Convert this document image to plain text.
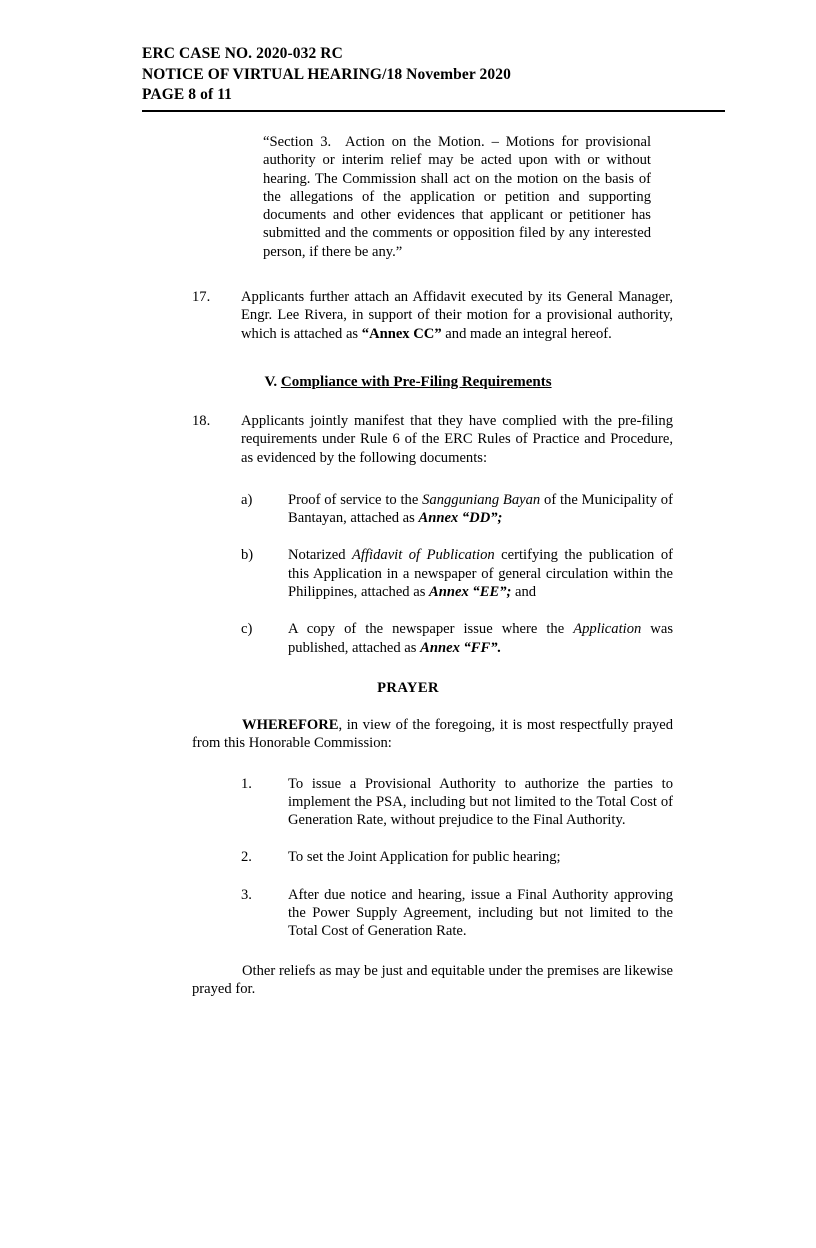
ERC CASE NO. 2020-032 RC
NOTICE OF VIRTUAL HEARING/18 November 2020
PAGE 8 of 11
“Section 3. Action on the Motion. – Motions for provisional authority or interim relief may be acted upon with or without hearing. The Commission shall act on the motion on the basis of the allegations of the application or petition and supporting documents and other evidences that applicant or petitioner has submitted and the comments or opposition filed by any interested person, if there be any.”
17.	Applicants further attach an Affidavit executed by its General Manager, Engr. Lee Rivera, in support of their motion for a provisional authority, which is attached as “Annex CC” and made an integral hereof.
V. Compliance with Pre-Filing Requirements
18.	Applicants jointly manifest that they have complied with the pre-filing requirements under Rule 6 of the ERC Rules of Practice and Procedure, as evidenced by the following documents:
a)	Proof of service to the Sangguniang Bayan of the Municipality of Bantayan, attached as Annex “DD”;
b)	Notarized Affidavit of Publication certifying the publication of this Application in a newspaper of general circulation within the Philippines, attached as Annex “EE”; and
c)	A copy of the newspaper issue where the Application was published, attached as Annex “FF”.
PRAYER
WHEREFORE, in view of the foregoing, it is most respectfully prayed from this Honorable Commission:
1.	To issue a Provisional Authority to authorize the parties to implement the PSA, including but not limited to the Total Cost of Generation Rate, without prejudice to the Final Authority.
2.	To set the Joint Application for public hearing;
3.	After due notice and hearing, issue a Final Authority approving the Power Supply Agreement, including but not limited to the Total Cost of Generation Rate.
Other reliefs as may be just and equitable under the premises are likewise prayed for.
